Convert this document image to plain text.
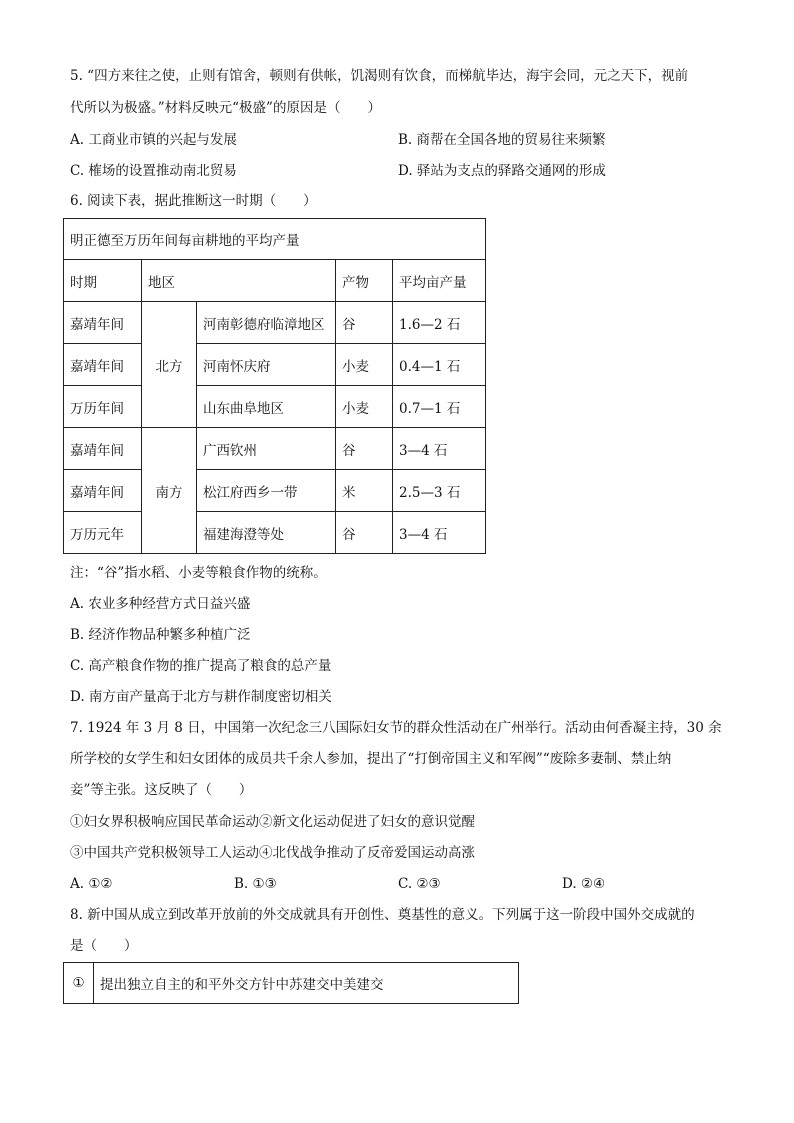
5. “四方来往之使，止则有馆舍，顿则有供帐，饥渴则有饮食，而梯航毕达，海宇会同，元之天下，视前
代所以为极盛。”材料反映元“极盛”的原因是（　　）
A. 工商业市镇的兴起与发展	B. 商帮在全国各地的贸易往来频繁
C. 榷场的设置推动南北贸易	D. 驿站为支点的驿路交通网的形成
6. 阅读下表，据此推断这一时期（　　）
明正德至万历年间每亩耕地的平均产量				
时期	地区		产物	平均亩产量
嘉靖年间	北方	河南彰德府临漳地区	谷	1.6—2 石
嘉靖年间		河南怀庆府	小麦	0.4—1 石
万历年间		山东曲阜地区	小麦	0.7—1 石
嘉靖年间	南方	广西钦州	谷	3—4 石
嘉靖年间		松江府西乡一带	米	2.5—3 石
万历元年		福建海澄等处	谷	3—4 石
注：“谷”指水稻、小麦等粮食作物的统称。
A. 农业多种经营方式日益兴盛
B. 经济作物品种繁多种植广泛
C. 高产粮食作物的推广提高了粮食的总产量
D. 南方亩产量高于北方与耕作制度密切相关
7. 1924 年 3 月 8 日，中国第一次纪念三八国际妇女节的群众性活动在广州举行。活动由何香凝主持，30 余
所学校的女学生和妇女团体的成员共千余人参加，提出了“打倒帝国主义和军阀”“废除多妻制、禁止纳
妾”等主张。这反映了（　　）
①妇女界积极响应国民革命运动②新文化运动促进了妇女的意识觉醒
③中国共产党积极领导工人运动④北伐战争推动了反帝爱国运动高涨
A. ①②	B. ①③	C. ②③	D. ②④
8. 新中国从成立到改革开放前的外交成就具有开创性、奠基性的意义。下列属于这一阶段中国外交成就的
是（　　）
①	提出独立自主的和平外交方针中苏建交中美建交
